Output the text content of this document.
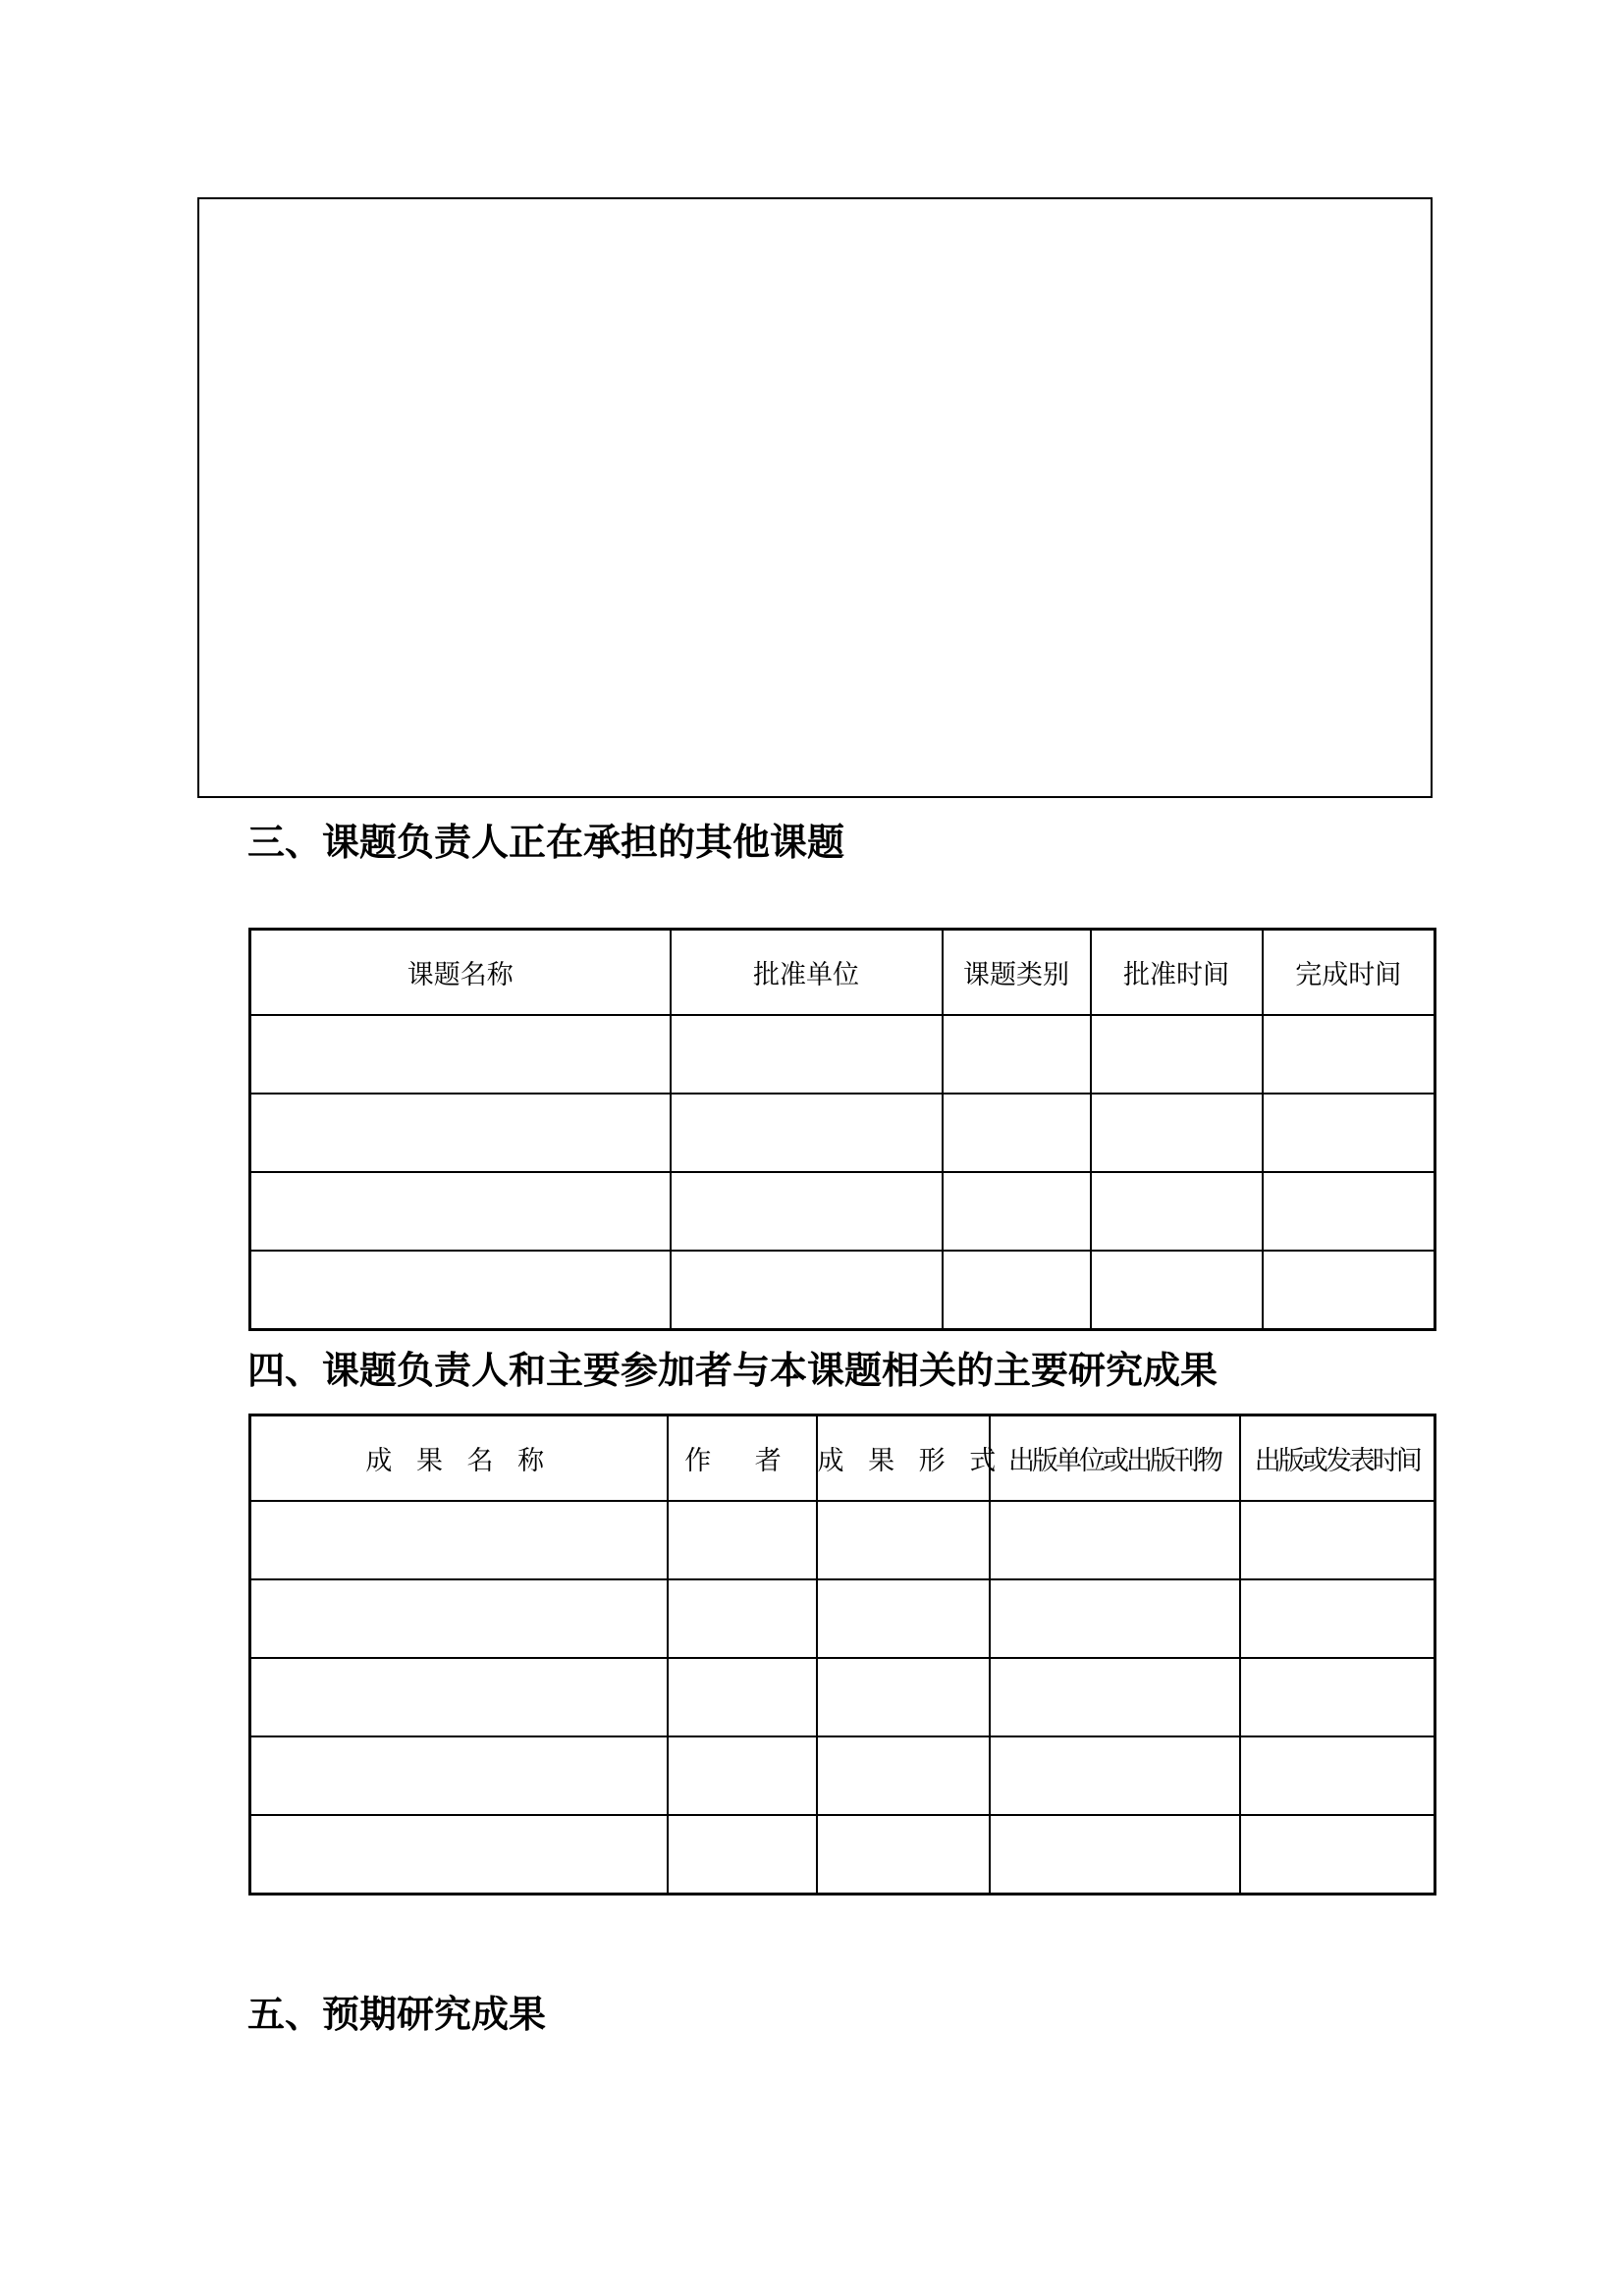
三、课题负责人正在承担的其他课题
课题名称	批准单位	课题类别	批准时间	完成时间

四、课题负责人和主要参加者与本课题相关的主要研究成果
成 果 名 称	作 者	成 果 形 式	出版单位或出版刊物	出版或发表时间

五、预期研究成果
